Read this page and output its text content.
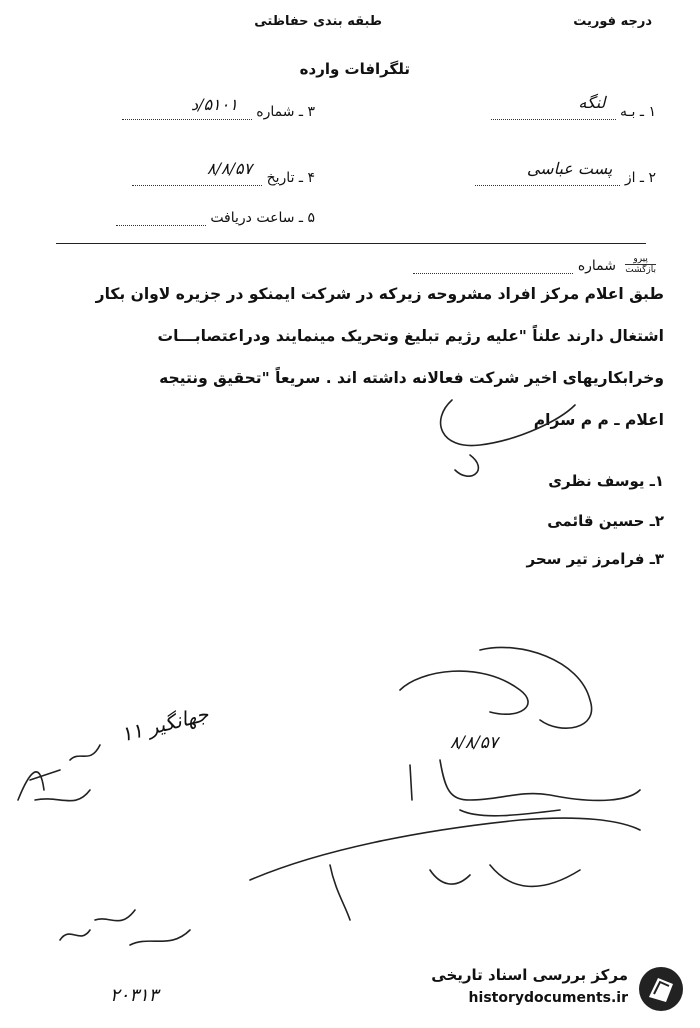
درجه فوریت
طبقه بندی حفاظتی
تلگرافات وارده
۱ ـ بـه
لنگه
۳ ـ شماره
۵۱۰۱/د
۲ ـ از
پست عباسی
۴ ـ تاریخ
۸/۸/۵۷
۵ ـ ساعت دریافت
پیرو
بازگشت
شماره
طبق اعلام مرکز افراد مشروحه زیرکه در شرکت ایمنکو در جزیره لاوان بکار
اشتغال دارند علناً "علیه رژیم تبلیغ وتحریک مینمایند ودراعتصابـــات
وخرابکاریهای اخیر شرکت فعالانه داشته اند . سریعاً "تحقیق ونتیجه
اعلام ـ م م سرام
۱ـ یوسف نظری
۲ـ حسین قائمی
۳ـ فرامرز تیر سحر
جهانگیر ۱۱
۸/۸/۵۷
۲۰۳۱۳
مرکز بررسی اسناد تاریخی
historydocuments.ir
